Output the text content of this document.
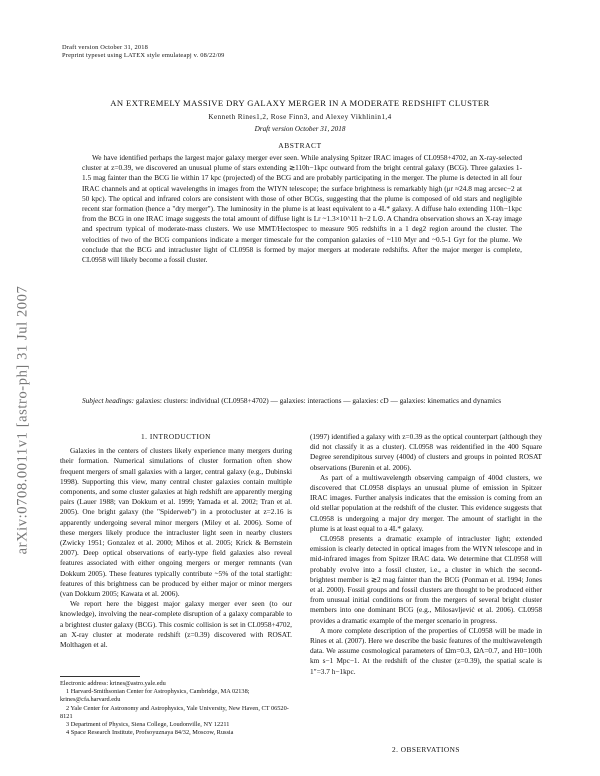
Draft version October 31, 2018
Preprint typeset using LATEX style emulateapj v. 08/22/09
arXiv:0708.0011v1 [astro-ph] 31 Jul 2007
AN EXTREMELY MASSIVE DRY GALAXY MERGER IN A MODERATE REDSHIFT CLUSTER
Kenneth Rines1,2, Rose Finn3, and Alexey Vikhlinin1,4
Draft version October 31, 2018
ABSTRACT

We have identified perhaps the largest major galaxy merger ever seen. While analysing Spitzer IRAC images of CL0958+4702, an X-ray-selected cluster at z=0.39, we discovered an unusual plume of stars extending ≳110h−1kpc outward from the bright central galaxy (BCG). Three galaxies 1-1.5 mag fainter than the BCG lie within 17 kpc (projected) of the BCG and are probably participating in the merger. The plume is detected in all four IRAC channels and at optical wavelengths in images from the WIYN telescope; the surface brightness is remarkably high (μr ≈24.8 mag arcsec−2 at 50 kpc). The optical and infrared colors are consistent with those of other BCGs, suggesting that the plume is composed of old stars and negligible recent star formation (hence a "dry merger"). The luminosity in the plume is at least equivalent to a 4L* galaxy. A diffuse halo extending 110h−1kpc from the BCG in one IRAC image suggests the total amount of diffuse light is Lr ~1.3×10^11 h−2 L⊙. A Chandra observation shows an X-ray image and spectrum typical of moderate-mass clusters. We use MMT/Hectospec to measure 905 redshifts in a 1 deg2 region around the cluster. The velocities of two of the BCG companions indicate a merger timescale for the companion galaxies of ~110 Myr and ~0.5-1 Gyr for the plume. We conclude that the BCG and intracluster light of CL0958 is formed by major mergers at moderate redshifts. After the major merger is complete, CL0958 will likely become a fossil cluster.

Subject headings: galaxies: clusters: individual (CL0958+4702) — galaxies: interactions — galaxies: cD — galaxies: kinematics and dynamics
1. INTRODUCTION

Galaxies in the centers of clusters likely experience many mergers during their formation. Numerical simulations of cluster formation often show frequent mergers of small galaxies with a larger, central galaxy (e.g., Dubinski 1998). Supporting this view, many central cluster galaxies contain multiple components, and some cluster galaxies at high redshift are apparently merging pairs (Lauer 1988; van Dokkum et al. 1999; Yamada et al. 2002; Tran et al. 2005). One bright galaxy (the "Spiderweb") in a protocluster at z=2.16 is apparently undergoing several minor mergers (Miley et al. 2006). Some of these mergers likely produce the intracluster light seen in nearby clusters (Zwicky 1951; Gonzalez et al. 2000; Mihos et al. 2005; Krick & Bernstein 2007). Deep optical observations of early-type field galaxies also reveal features associated with either ongoing mergers or merger remnants (van Dokkum 2005). These features typically contribute ~5% of the total starlight: features of this brightness can be produced by either major or minor mergers (van Dokkum 2005; Kawata et al. 2006).

We report here the biggest major galaxy merger ever seen (to our knowledge), involving the near-complete disruption of a galaxy comparable to a brightest cluster galaxy (BCG). This cosmic collision is set in CL0958+4702, an X-ray cluster at moderate redshift (z=0.39) discovered with ROSAT. Molthagen et al.

Electronic address: krines@astro.yale.edu

1 Harvard-Smithsonian Center for Astrophysics, Cambridge, MA 02138; krines@cfa.harvard.edu

2 Yale Center for Astronomy and Astrophysics, Yale University, New Haven, CT 06520-8121

3 Department of Physics, Siena College, Loudonville, NY 12211

4 Space Research Institute, Profsoyuznaya 84/32, Moscow, Russia

(1997) identified a galaxy with z=0.39 as the optical counterpart (although they did not classify it as a cluster). CL0958 was reidentified in the 400 Square Degree serendipitous survey (400d) of clusters and groups in pointed ROSAT observations (Burenin et al. 2006).

As part of a multiwavelength observing campaign of 400d clusters, we discovered that CL0958 displays an unusual plume of emission in Spitzer IRAC images. Further analysis indicates that the emission is coming from an old stellar population at the redshift of the cluster. This evidence suggests that CL0958 is undergoing a major dry merger. The amount of starlight in the plume is at least equal to a 4L* galaxy.

CL0958 presents a dramatic example of intracluster light; extended emission is clearly detected in optical images from the WIYN telescope and in mid-infrared images from Spitzer IRAC data. We determine that CL0958 will probably evolve into a fossil cluster, i.e., a cluster in which the second-brightest member is ≳2 mag fainter than the BCG (Ponman et al. 1994; Jones et al. 2000). Fossil groups and fossil clusters are thought to be produced either from unusual initial conditions or from the mergers of several bright cluster members into one dominant BCG (e.g., Milosavljević et al. 2006). CL0958 provides a dramatic example of the merger scenario in progress.

A more complete description of the properties of CL0958 will be made in Rines et al. (2007). Here we describe the basic features of the multiwavelength data. We assume cosmological parameters of Ωm=0.3, ΩΛ=0.7, and H0=100h km s−1 Mpc−1. At the redshift of the cluster (z=0.39), the spatial scale is 1″=3.7 h−1kpc.

2. OBSERVATIONS
